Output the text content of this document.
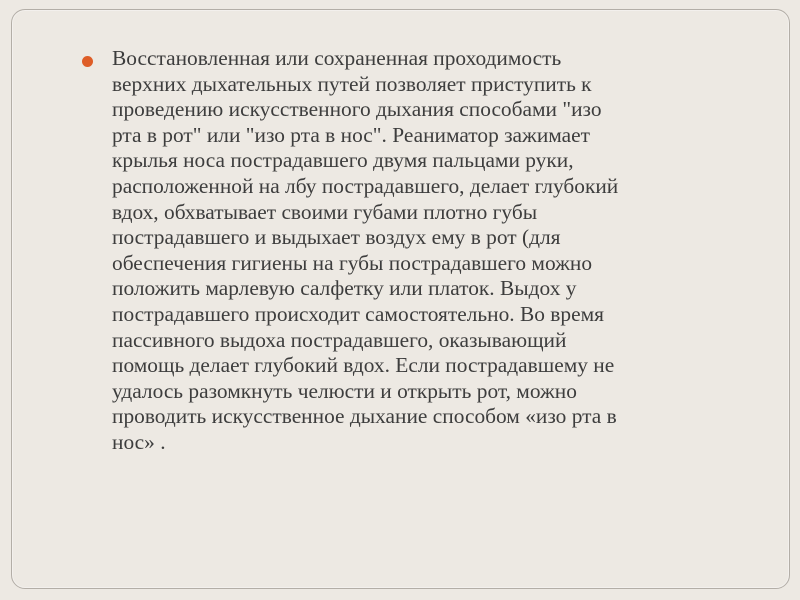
Восстановленная или сохраненная проходимость
верхних дыхательных путей позволяет приступить к
проведению искусственного дыхания способами "изо
рта в рот" или "изо рта в нос". Реаниматор зажимает
крылья носа пострадавшего двумя пальцами руки,
расположенной на лбу пострадавшего, делает глубокий
вдох, обхватывает своими губами плотно губы
пострадавшего и выдыхает воздух ему в рот (для
обеспечения гигиены на губы пострадавшего можно
положить марлевую салфетку или платок. Выдох у
пострадавшего происходит самостоятельно. Во время
пассивного выдоха пострадавшего, оказывающий
помощь делает глубокий вдох. Если пострадавшему не
удалось разомкнуть челюсти и открыть рот, можно
проводить искусственное дыхание способом «изо рта в
нос» .
